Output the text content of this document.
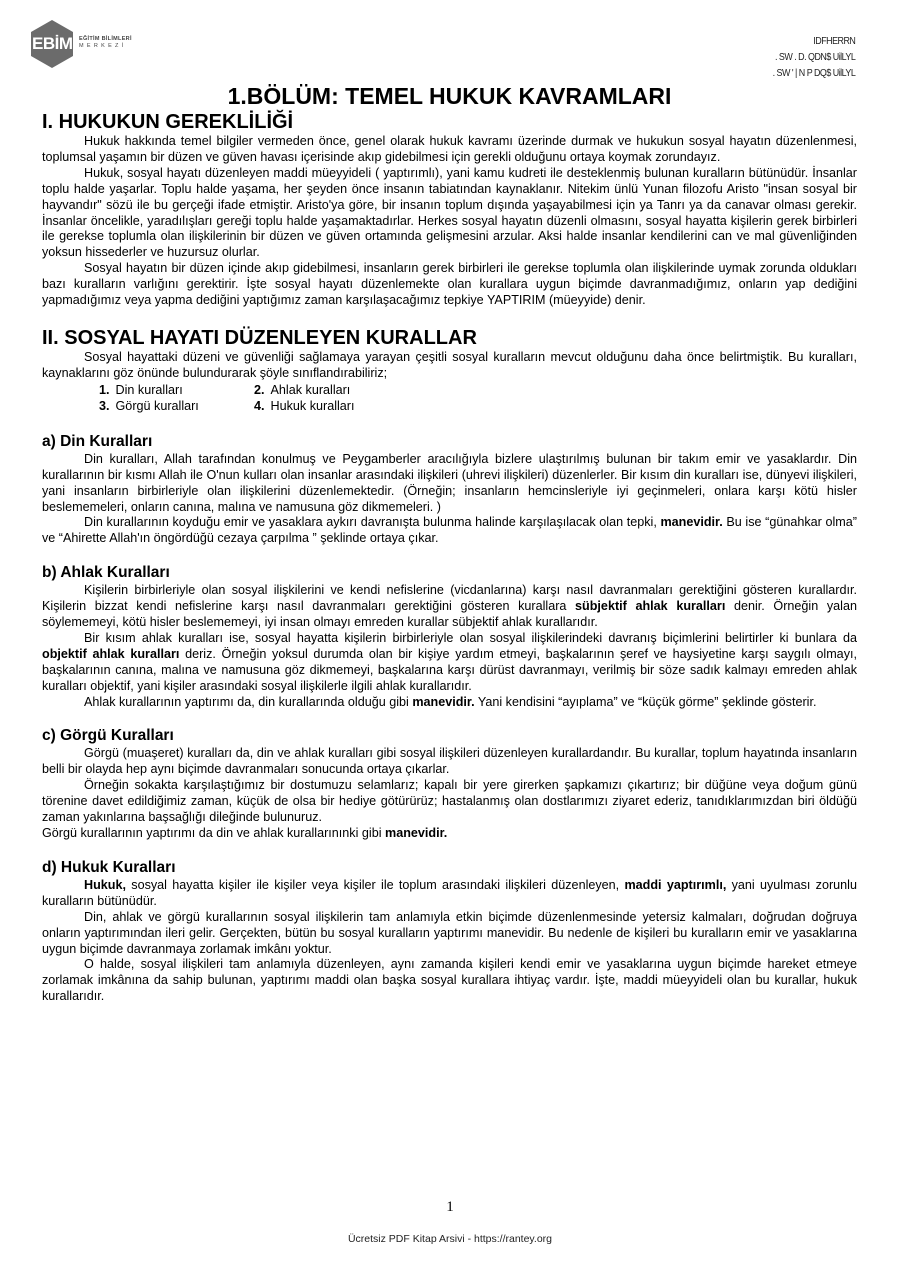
EBİM EĞİTİM BİLİMLERİ
MERKEZİ	IDFHERRN
. SW . D. QDN$ UilLYL
. SW ' | N P DQ$ UilLYL
1.BÖLÜM: TEMEL HUKUK KAVRAMLARI
I. HUKUKUN GEREKLİLİĞİ

Hukuk hakkında temel bilgiler vermeden önce, genel olarak hukuk kavramı üzerinde durmak ve hukukun sosyal hayatın düzenlenmesi, toplumsal yaşamın bir düzen ve güven havası içerisinde akıp gidebilmesi için gerekli olduğunu ortaya koymak zorundayız.

Hukuk, sosyal hayatı düzenleyen maddi müeyyideli ( yaptırımlı), yani kamu kudreti ile desteklenmiş bulunan kuralların bütünüdür. İnsanlar toplu halde yaşarlar. Toplu halde yaşama, her şeyden önce insanın tabiatından kaynaklanır. Nitekim ünlü Yunan filozofu Aristo "insan sosyal bir hayvandır" sözü ile bu gerçeği ifade etmiştir. Aristo'ya göre, bir insanın toplum dışında yaşayabilmesi için ya Tanrı ya da canavar olması gerekir. İnsanlar öncelikle, yaradılışları gereği toplu halde yaşamaktadırlar. Herkes sosyal hayatın düzenli olmasını, sosyal hayatta kişilerin gerek birbirleri ile gerekse toplumla olan ilişkilerinin bir düzen ve güven ortamında gelişmesini arzular. Aksi halde insanlar kendilerini can ve mal güvenliğinden yoksun hissederler ve huzursuz olurlar.

Sosyal hayatın bir düzen içinde akıp gidebilmesi, insanların gerek birbirleri ile gerekse toplumla olan ilişkilerinde uymak zorunda oldukları bazı kuralların varlığını gerektirir. İşte sosyal hayatı düzenlemekte olan kurallara uygun biçimde davranmadığımız, onların yap dediğini yapmadığımız veya yapma dediğini yaptığımız zaman karşılaşacağımız tepkiye YAPTIRIM (müeyyide) denir.

II. SOSYAL HAYATI DÜZENLEYEN KURALLAR

Sosyal hayattaki düzeni ve güvenliği sağlamaya yarayan çeşitli sosyal kuralların mevcut olduğunu daha önce belirtmiştik. Bu kuralları, kaynaklarını göz önünde bulundurarak şöyle sınıflandırabiliriz;

1. Din kuralları	2. Ahlak kuralları
3. Görgü kuralları	4. Hukuk kuralları
a) Din Kuralları

Din kuralları, Allah tarafından konulmuş ve Peygamberler aracılığıyla bizlere ulaştırılmış bulunan bir takım emir ve yasaklardır. Din kurallarının bir kısmı Allah ile O'nun kulları olan insanlar arasındaki ilişkileri (uhrevi ilişkileri) düzenlerler. Bir kısım din kuralları ise, dünyevi ilişkileri, yani insanların birbirleriyle olan ilişkilerini düzenlemektedir. (Örneğin; insanların hemcinsleriyle iyi geçinmeleri, onlara karşı kötü hisler beslememeleri, onların canına, malına ve namusuna göz dikmemeleri. )

Din kurallarının koyduğu emir ve yasaklara aykırı davranışta bulunma halinde karşılaşılacak olan tepki, manevidir. Bu ise “günahkar olma” ve “Ahirette Allah'ın öngördüğü cezaya çarpılma ” şeklinde ortaya çıkar.

b) Ahlak Kuralları

Kişilerin birbirleriyle olan sosyal ilişkilerini ve kendi nefislerine (vicdanlarına) karşı nasıl davranmaları gerektiğini gösteren kurallardır. Kişilerin bizzat kendi nefislerine karşı nasıl davranmaları gerektiğini gösteren kurallara sübjektif ahlak kuralları denir. Örneğin yalan söylememeyi, kötü hisler beslememeyi, iyi insan olmayı emreden kurallar sübjektif ahlak kurallarıdır.

Bir kısım ahlak kuralları ise, sosyal hayatta kişilerin birbirleriyle olan sosyal ilişkilerindeki davranış biçimlerini belirtirler ki bunlara da objektif ahlak kuralları deriz. Örneğin yoksul durumda olan bir kişiye yardım etmeyi, başkalarının şeref ve haysiyetine karşı saygılı olmayı, başkalarının canına, malına ve namusuna göz dikmemeyi, başkalarına karşı dürüst davranmayı, verilmiş bir söze sadık kalmayı emreden ahlak kuralları objektif, yani kişiler arasındaki sosyal ilişkilerle ilgili ahlak kurallarıdır.

Ahlak kurallarının yaptırımı da, din kurallarında olduğu gibi manevidir. Yani kendisini “ayıplama” ve “küçük görme” şeklinde gösterir.

c) Görgü Kuralları

Görgü (muaşeret) kuralları da, din ve ahlak kuralları gibi sosyal ilişkileri düzenleyen kurallardandır. Bu kurallar, toplum hayatında insanların belli bir olayda hep aynı biçimde davranmaları sonucunda ortaya çıkarlar.

Örneğin sokakta karşılaştığımız bir dostumuzu selamlarız; kapalı bir yere girerken şapkamızı çıkartırız; bir düğüne veya doğum günü törenine davet edildiğimiz zaman, küçük de olsa bir hediye götürürüz; hastalanmış olan dostlarımızı ziyaret ederiz, tanıdıklarımızdan biri öldüğü zaman yakınlarına başsağlığı dileğinde bulunuruz.

Görgü kurallarının yaptırımı da din ve ahlak kurallarınınki gibi manevidir.

d) Hukuk Kuralları

Hukuk, sosyal hayatta kişiler ile kişiler veya kişiler ile toplum arasındaki ilişkileri düzenleyen, maddi yaptırımlı, yani uyulması zorunlu kuralların bütünüdür.

Din, ahlak ve görgü kurallarının sosyal ilişkilerin tam anlamıyla etkin biçimde düzenlenmesinde yetersiz kalmaları, doğrudan doğruya onların yaptırımından ileri gelir. Gerçekten, bütün bu sosyal kuralların yaptırımı manevidir. Bu nedenle de kişileri bu kuralların emir ve yasaklarına uygun biçimde davranmaya zorlamak imkânı yoktur.

O halde, sosyal ilişkileri tam anlamıyla düzenleyen, aynı zamanda kişileri kendi emir ve yasaklarına uygun biçimde hareket etmeye zorlamak imkânına da sahip bulunan, yaptırımı maddi olan başka sosyal kurallara ihtiyaç vardır. İşte, maddi müeyyideli olan bu kurallar, hukuk kurallarıdır.

1
Ücretsiz PDF Kitap Arsivi - https://rantey.org
